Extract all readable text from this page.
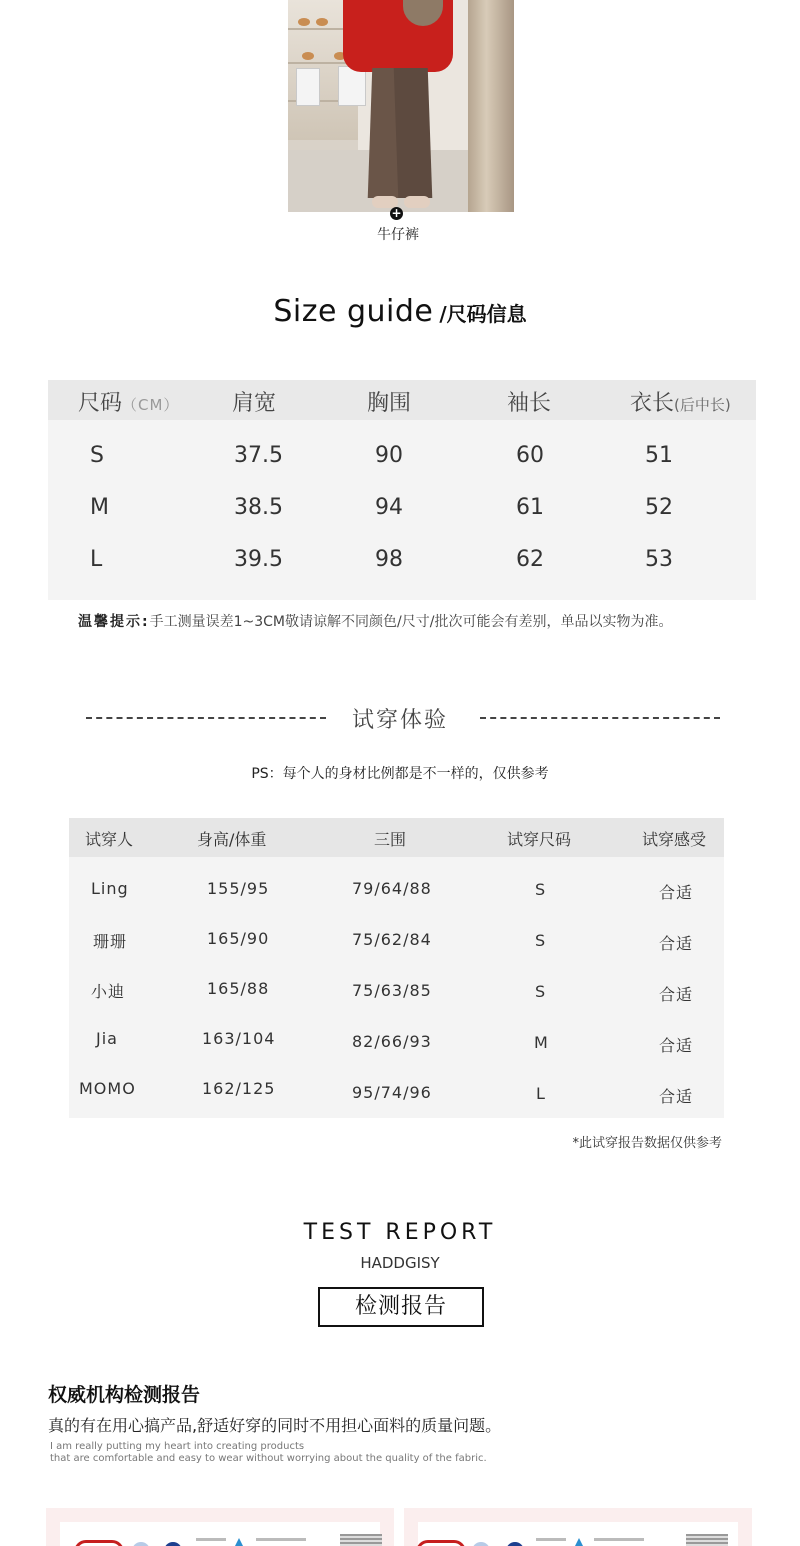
+
牛仔裤
Size guide /尺码信息
尺码（CM） 肩宽	胸围	袖长	衣长(后中长)
S	37.5	90	60	51
M	38.5	94	61	52
L	39.5	98	62	53
温馨提示:手工测量误差1~3CM敬请谅解不同颜色/尺寸/批次可能会有差别，单品以实物为准。
试穿体验
PS：每个人的身材比例都是不一样的，仅供参考
试穿人	身高/体重	三围	试穿尺码	试穿感受
Ling	155/95	79/64/88	S	合适
珊珊	165/90	75/62/84	S	合适
小迪	165/88	75/63/85	S	合适
Jia	163/104	82/66/93	M	合适
MOMO	162/125	95/74/96	L	合适
*此试穿报告数据仅供参考
TEST REPORT
HADDGISY
检测报告
权威机构检测报告
真的有在用心搞产品,舒适好穿的同时不用担心面料的质量问题。
I am really putting my heart into creating products
that are comfortable and easy to wear without worrying about the quality of the fabric.
